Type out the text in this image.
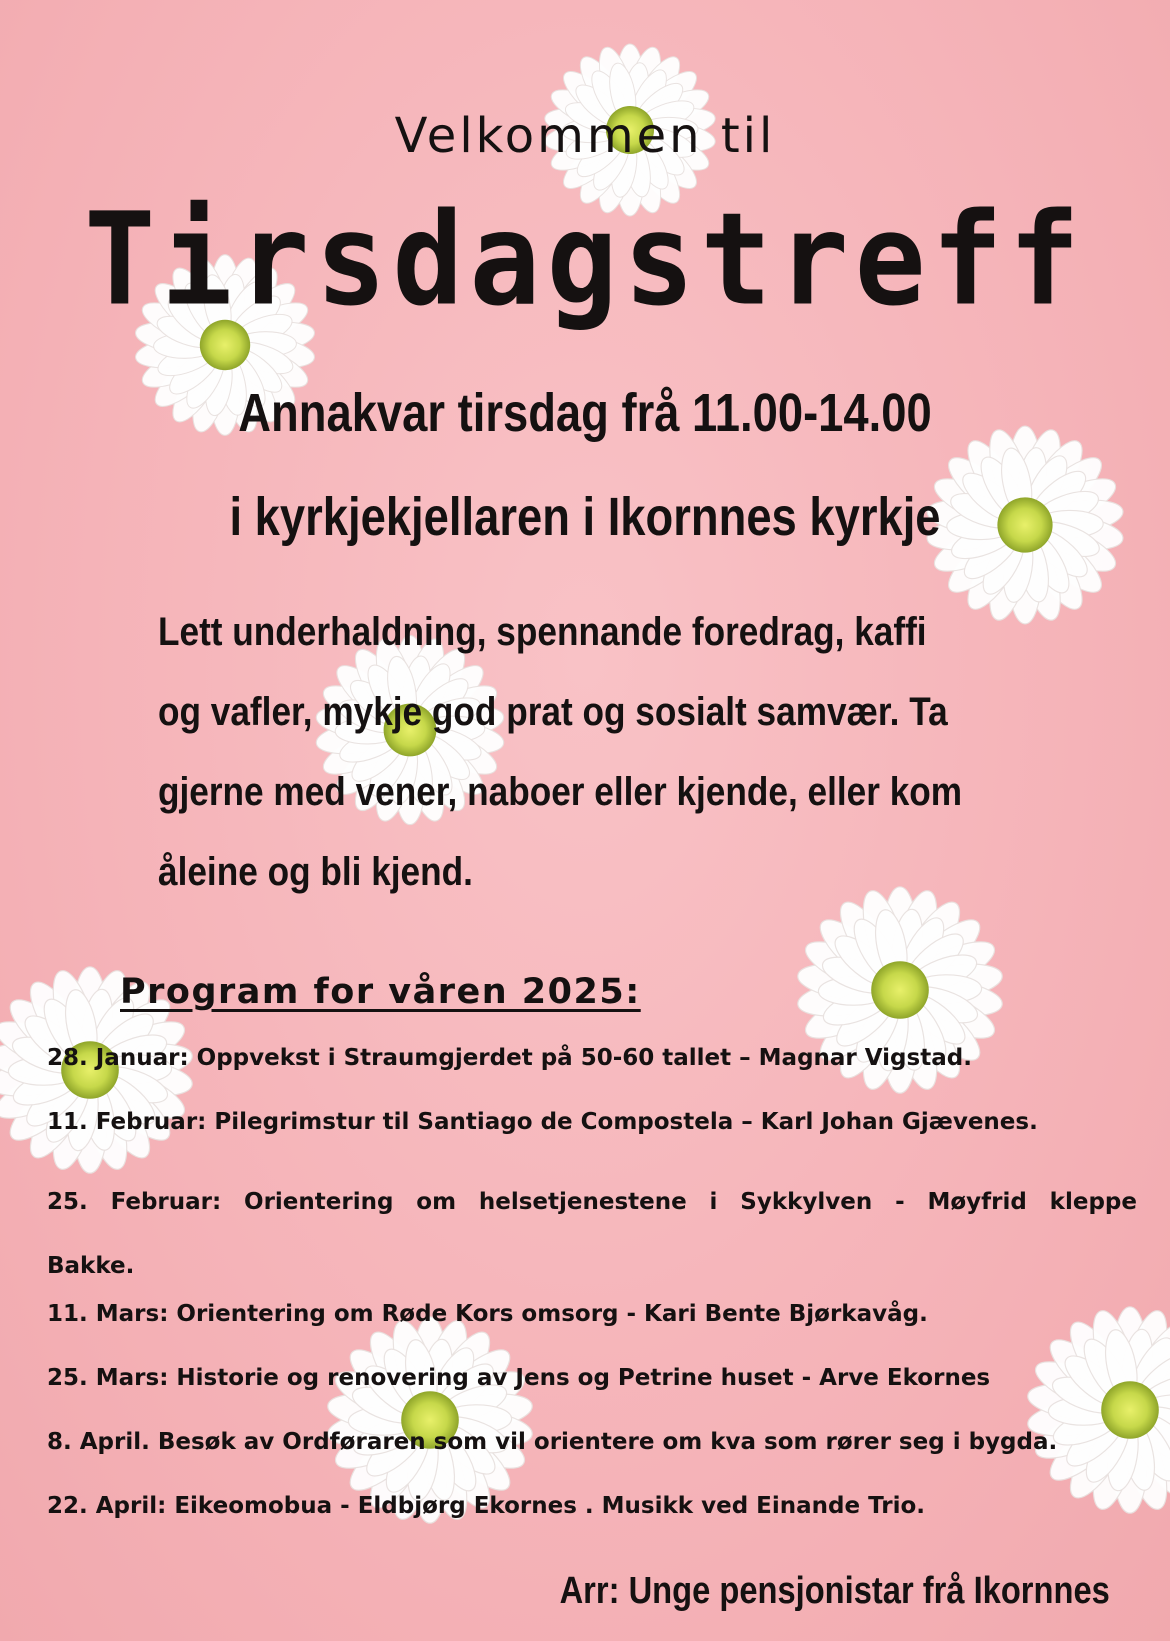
Velkommen til
Tirsdagstreff
Annakvar tirsdag frå 11.00-14.00
i kyrkjekjellaren i Ikornnes kyrkje
Lett underhaldning, spennande foredrag, kaffi
og vafler, mykje god prat og sosialt samvær. Ta
gjerne med vener, naboer eller kjende, eller kom
åleine og bli kjend.
Program for våren 2025:
28. Januar: Oppvekst i Straumgjerdet på 50-60 tallet – Magnar Vigstad.
11. Februar: Pilegrimstur til Santiago de Compostela – Karl Johan Gjævenes.
25. Februar: Orientering om helsetjenestene i Sykkylven - Møyfrid kleppe Bakke.
11. Mars: Orientering om Røde Kors omsorg - Kari Bente Bjørkavåg.
25. Mars: Historie og renovering av Jens og Petrine huset - Arve Ekornes
8. April. Besøk av Ordføraren som vil orientere om kva som rører seg i bygda.
22. April: Eikeomobua - Eldbjørg Ekornes . Musikk ved Einande Trio.
Arr: Unge pensjonistar frå Ikornnes
